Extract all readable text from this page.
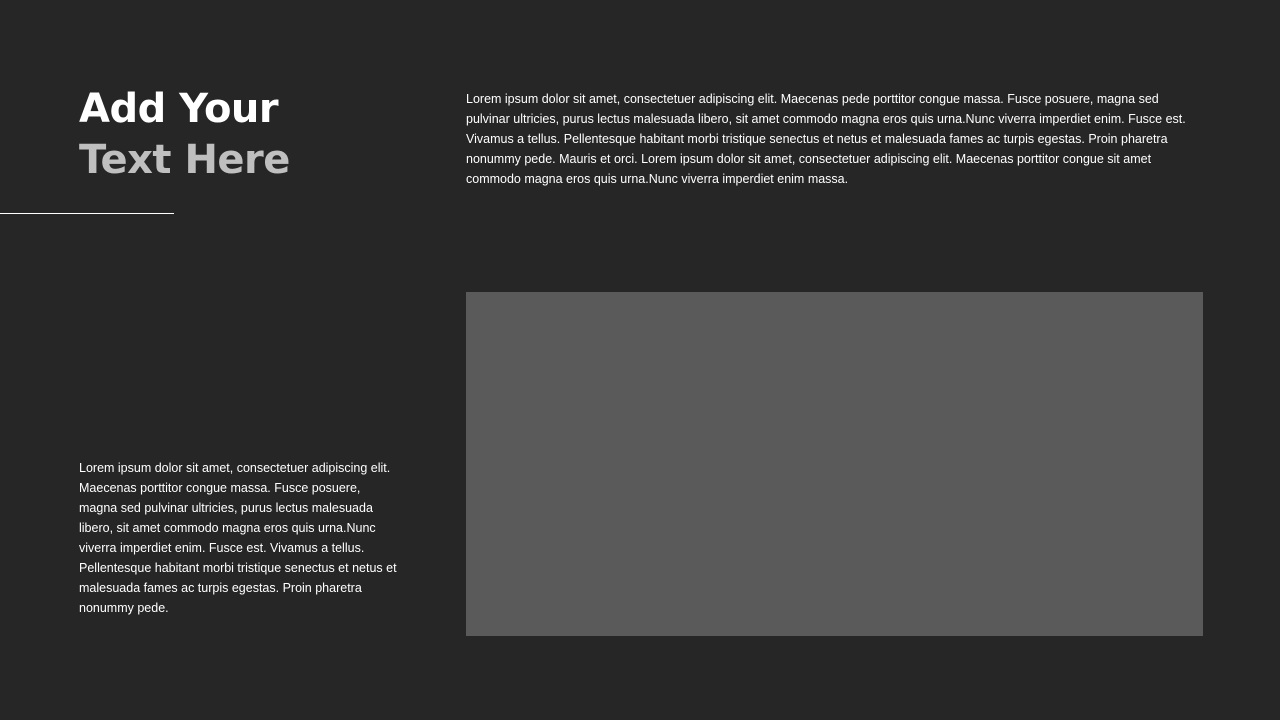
Add Your
Text Here

Lorem ipsum dolor sit amet, consectetuer adipiscing elit. Maecenas pede porttitor congue massa. Fusce posuere, magna sed pulvinar ultricies, purus lectus malesuada libero, sit amet commodo magna eros quis urna.Nunc viverra imperdiet enim. Fusce est. Vivamus a tellus. Pellentesque habitant morbi tristique senectus et netus et malesuada fames ac turpis egestas. Proin pharetra nonummy pede. Mauris et orci. Lorem ipsum dolor sit amet, consectetuer adipiscing elit. Maecenas porttitor congue sit amet commodo magna eros quis urna.Nunc viverra imperdiet enim massa.

Lorem ipsum dolor sit amet, consectetuer adipiscing elit. Maecenas porttitor congue massa. Fusce posuere, magna sed pulvinar ultricies, purus lectus malesuada libero, sit amet commodo magna eros quis urna.Nunc viverra imperdiet enim. Fusce est. Vivamus a tellus. Pellentesque habitant morbi tristique senectus et netus et malesuada fames ac turpis egestas. Proin pharetra nonummy pede.
